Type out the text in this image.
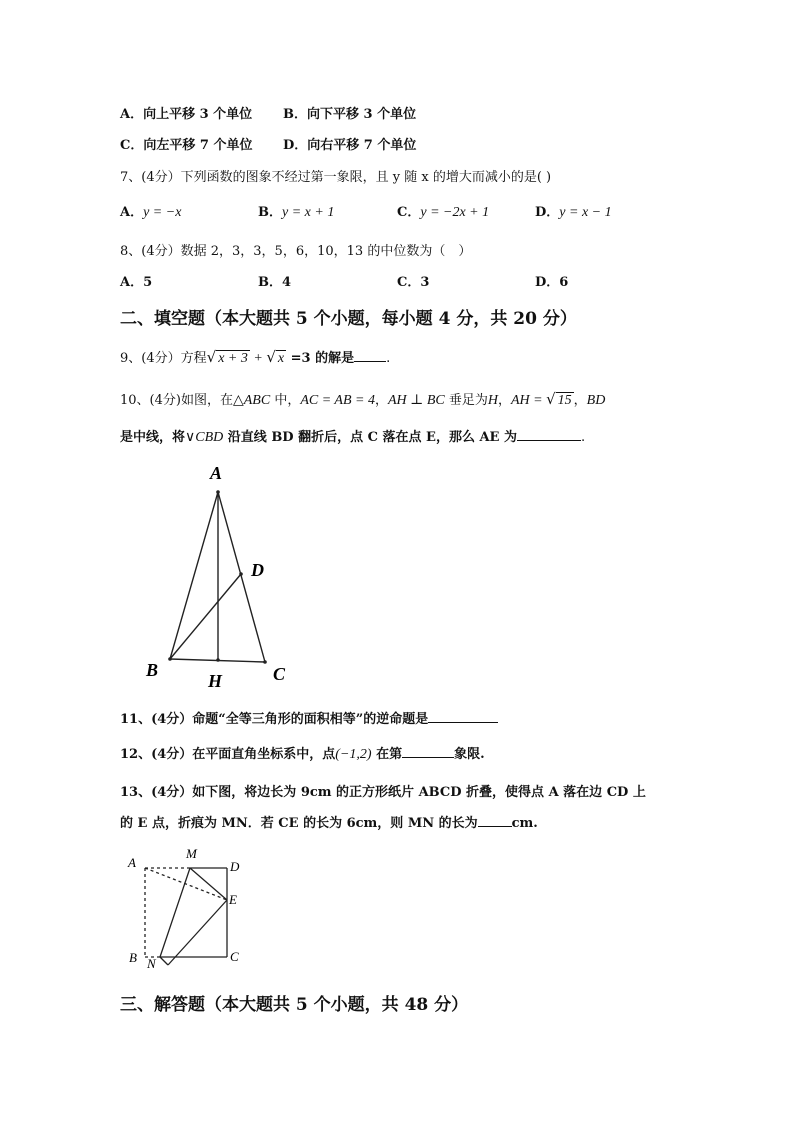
A．向上平移 3 个单位 B．向下平移 3 个单位
C．向左平移 7 个单位 D．向右平移 7 个单位
7、(4分）下列函数的图象不经过第一象限，且 y 随 x 的增大而减小的是( )
A．y = −x	B．y = x + 1	C．y = −2x + 1	D．y = x − 1
8、(4分）数据 2，3，3，5，6，10，13 的中位数为（　）
A．5	B．4	C．3	D．6
二、填空题（本大题共 5 个小题，每小题 4 分，共 20 分）
9、(4分）方程√ x + 3 + √ x =3 的解是 .
10、(4分)如图，在△ABC 中，AC = AB = 4，AH ⊥ BC 垂足为H，AH = √ 15 ，BD
是中线，将∨CBD 沿直线 BD 翻折后，点 C 落在点 E，那么 AE 为	.
A
B	C
D
H
11、(4分）命题“全等三角形的面积相等”的逆命题是
12、(4分）在平面直角坐标系中，点(−1,2) 在第	象限.
13、(4分）如下图，将边长为 9cm 的正方形纸片 ABCD 折叠，使得点 A 落在边 CD 上
的 E 点，折痕为 MN．若 CE 的长为 6cm，则 MN 的长为	cm.
A
M
D
E
B N	C
三、解答题（本大题共 5 个小题，共 48 分）
